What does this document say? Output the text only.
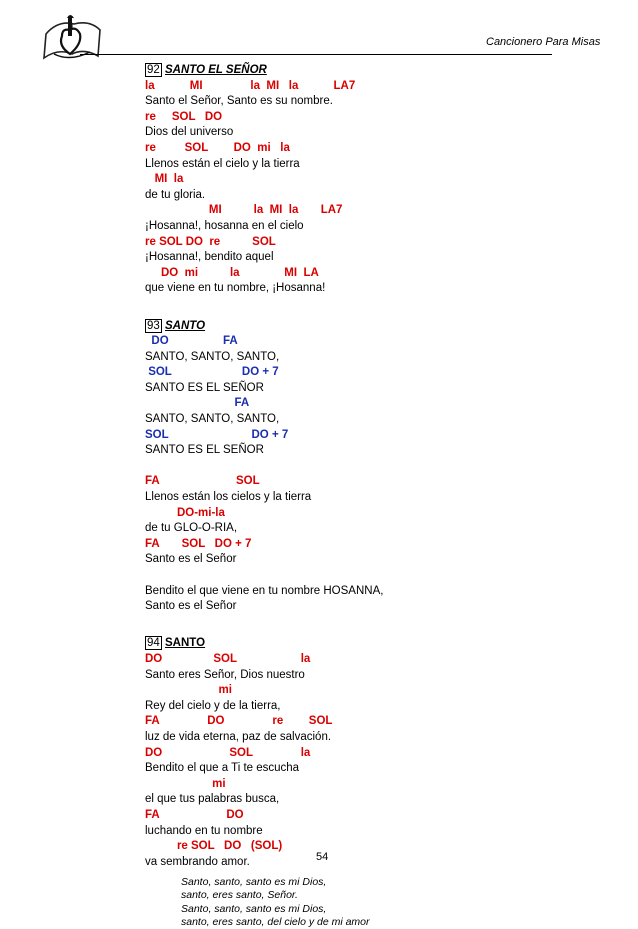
Cancionero Para Misas
92 SANTO EL SEÑOR
la           MI               la  MI   la           LA7
Santo el Señor, Santo es su nombre.
re     SOL   DO
Dios del universo
re         SOL        DO  mi   la
Llenos están el cielo y la tierra
MI  la
de tu gloria.
MI          la  MI  la       LA7
¡Hosanna!, hosanna en el cielo
re SOL DO  re          SOL
¡Hosanna!, bendito aquel
DO  mi          la              MI  LA
que viene en tu nombre, ¡Hosanna!
93 SANTO
DO                 FA
SANTO, SANTO, SANTO,
SOL                      DO + 7
SANTO ES EL SEÑOR
FA
SANTO, SANTO, SANTO,
SOL                          DO + 7
SANTO ES EL SEÑOR
FA                        SOL
Llenos están los cielos y la tierra
DO-mi-la
de tu GLO-O-RIA,
FA       SOL   DO + 7
Santo es el Señor
Bendito el que viene en tu nombre HOSANNA,
Santo es el Señor
94 SANTO
DO                SOL                    la
Santo eres Señor, Dios nuestro
mi
Rey del cielo y de la tierra,
FA               DO               re        SOL
luz de vida eterna, paz de salvación.
DO                     SOL               la
Bendito el que a Ti te escucha
mi
el que tus palabras busca,
FA                     DO
luchando en tu nombre
re SOL   DO   (SOL)
va sembrando amor.
Santo, santo, santo es mi Dios,
santo, eres santo, Señor.
Santo, santo, santo es mi Dios,
santo, eres santo, del cielo y de mi amor
54
